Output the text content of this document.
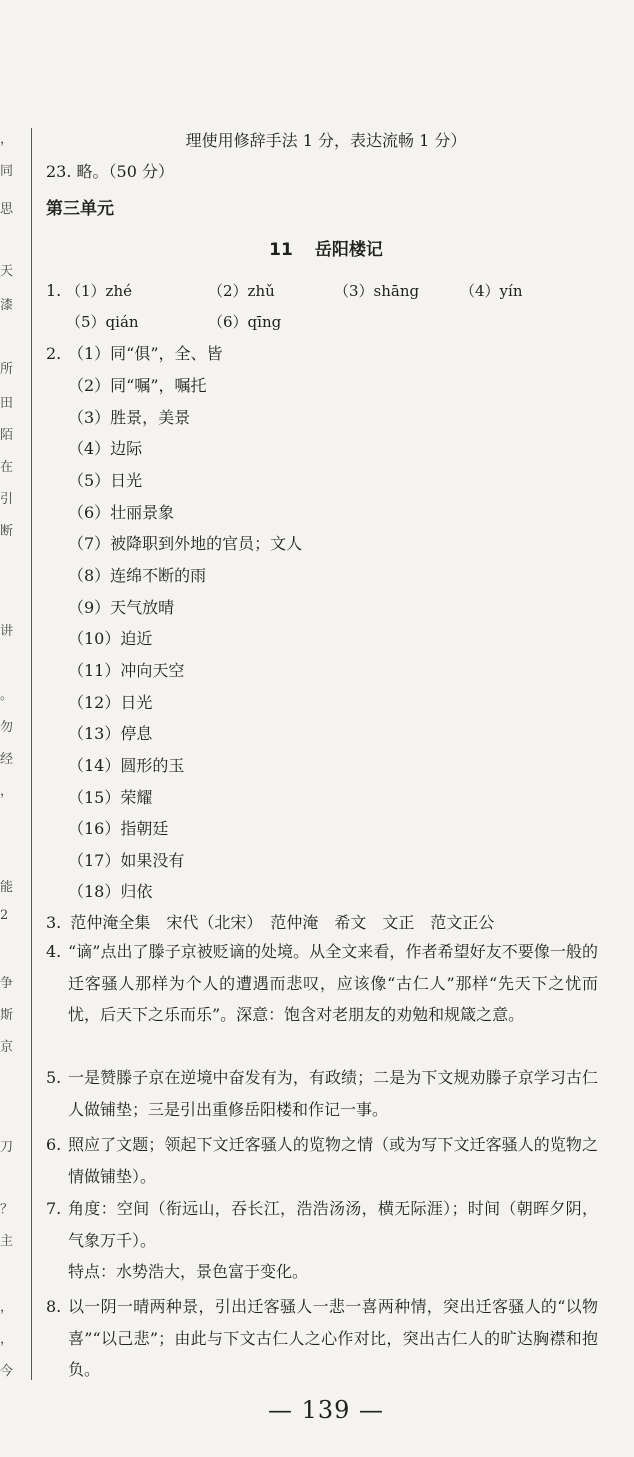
，
同
思
天
漆
所
田
陌
在
引
断
讲
。
勿
经
，
能
2
争
斯
京
刀
？
主
，
，
今
理使用修辞手法 1 分，表达流畅 1 分）
23. 略。（50 分）
第三单元
11 岳阳楼记
1. （1）zhé	（2）zhǔ	（3）shāng	（4）yín
（5）qián	（6）qīng
2. （1）同“俱”，全、皆
（2）同“嘱”，嘱托
（3）胜景，美景
（4）边际
（5）日光
（6）壮丽景象
（7）被降职到外地的官员；文人
（8）连绵不断的雨
（9）天气放晴
（10）迫近
（11）冲向天空
（12）日光
（13）停息
（14）圆形的玉
（15）荣耀
（16）指朝廷
（17）如果没有
（18）归依
3. 范仲淹全集　宋代（北宋）　范仲淹　希文　文正　范文正公
4. “谪”点出了滕子京被贬谪的处境。从全文来看，作者希望好友不要像一般的迁客骚人那样为个人的遭遇而悲叹，应该像“古仁人”那样“先天下之忧而忧，后天下之乐而乐”。深意：饱含对老朋友的劝勉和规箴之意。
5. 一是赞滕子京在逆境中奋发有为，有政绩；二是为下文规劝滕子京学习古仁人做铺垫；三是引出重修岳阳楼和作记一事。
6. 照应了文题；领起下文迁客骚人的览物之情（或为写下文迁客骚人的览物之情做铺垫）。
7. 角度：空间（衔远山，吞长江，浩浩汤汤，横无际涯）；时间（朝晖夕阴，气象万千）。
特点：水势浩大，景色富于变化。
8. 以一阴一晴两种景，引出迁客骚人一悲一喜两种情，突出迁客骚人的“以物喜”“以己悲”；由此与下文古仁人之心作对比，突出古仁人的旷达胸襟和抱负。
— 139 —
